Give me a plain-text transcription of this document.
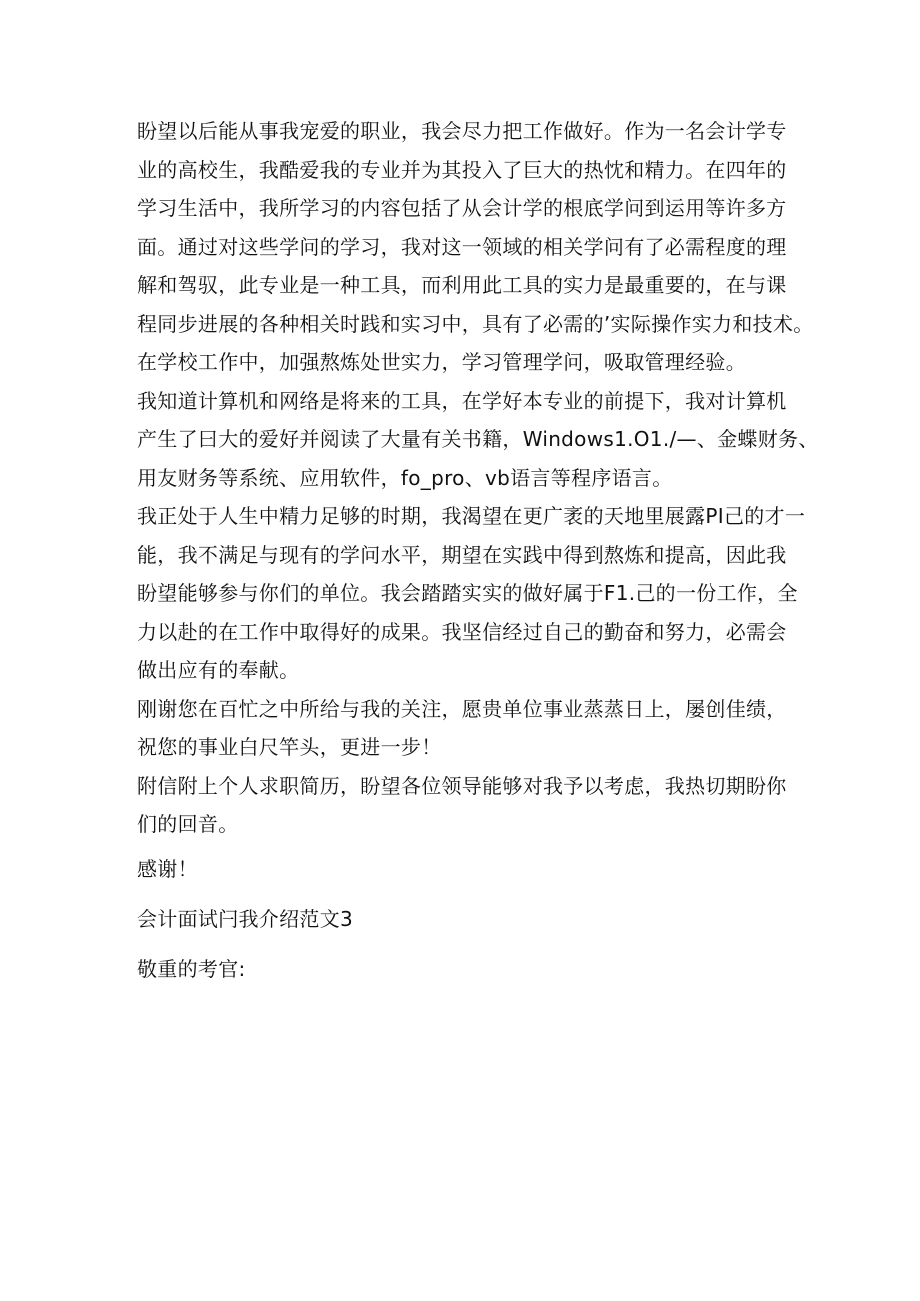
盼望以后能从事我宠爱的职业，我会尽力把工作做好。作为一名会计学专
业的高校生，我酷爱我的专业并为其投入了巨大的热忱和精力。在四年的
学习生活中，我所学习的内容包括了从会计学的根底学问到运用等许多方
面。通过对这些学问的学习，我对这一领域的相关学问有了必需程度的理
解和驾驭，此专业是一种工具，而利用此工具的实力是最重要的，在与课
程同步进展的各种相关时践和实习中，具有了必需的’实际操作实力和技术。
在学校工作中，加强熬炼处世实力，学习管理学问，吸取管理经验。
我知道计算机和网络是将来的工具，在学好本专业的前提下，我对计算机
产生了曰大的爱好并阅读了大量有关书籍，Windows1.O1./—、金蝶财务、
用友财务等系统、应用软件，fo_pro、vb语言等程序语言。
我正处于人生中精力足够的时期，我渴望在更广袤的天地里展露PI己的才一
能，我不满足与现有的学问水平，期望在实践中得到熬炼和提高，因此我
盼望能够参与你们的单位。我会踏踏实实的做好属于F1.己的一份工作，全
力以赴的在工作中取得好的成果。我坚信经过自己的勤奋和努力，必需会
做出应有的奉献。
刚谢您在百忙之中所给与我的关注，愿贵单位事业蒸蒸日上，屡创佳绩，
祝您的事业白尺竿头，更进一步！
附信附上个人求职简历，盼望各位领导能够对我予以考虑，我热切期盼你
们的回音。
感谢！
会计面试闩我介绍范文3
敬重的考官:
